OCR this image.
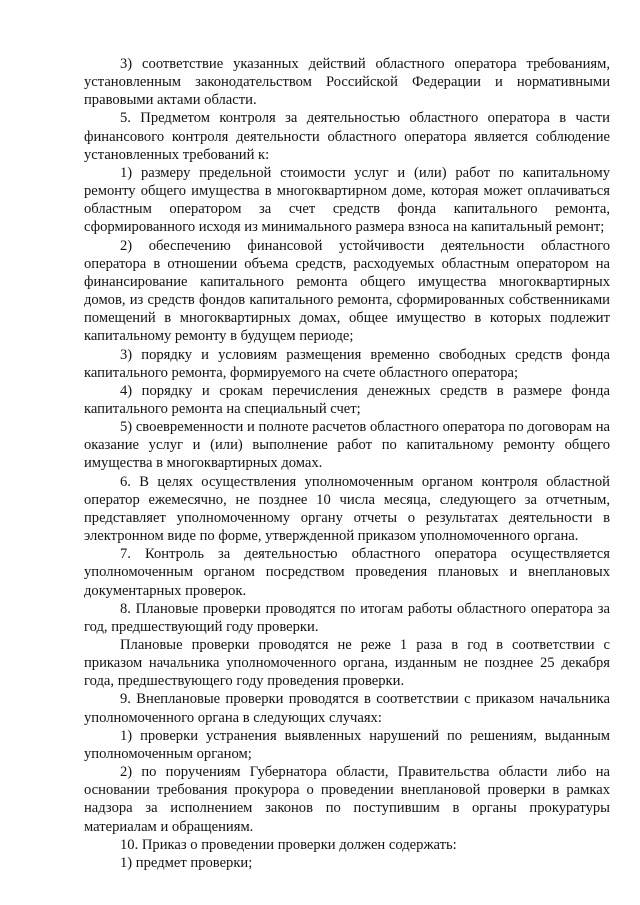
3) соответствие указанных действий областного оператора требованиям, установленным законодательством Российской Федерации и нормативными правовыми актами области.

5. Предметом контроля за деятельностью областного оператора в части финансового контроля деятельности областного оператора является соблюдение установленных требований к:

1) размеру предельной стоимости услуг и (или) работ по капитальному ремонту общего имущества в многоквартирном доме, которая может оплачиваться областным оператором за счет средств фонда капитального ремонта, сформированного исходя из минимального размера взноса на капитальный ремонт;

2) обеспечению финансовой устойчивости деятельности областного оператора в отношении объема средств, расходуемых областным оператором на финансирование капитального ремонта общего имущества многоквартирных домов, из средств фондов капитального ремонта, сформированных собственниками помещений в многоквартирных домах, общее имущество в которых подлежит капитальному ремонту в будущем периоде;

3) порядку и условиям размещения временно свободных средств фонда капитального ремонта, формируемого на счете областного оператора;

4) порядку и срокам перечисления денежных средств в размере фонда капитального ремонта на специальный счет;

5) своевременности и полноте расчетов областного оператора по договорам на оказание услуг и (или) выполнение работ по капитальному ремонту общего имущества в многоквартирных домах.

6. В целях осуществления уполномоченным органом контроля областной оператор ежемесячно, не позднее 10 числа месяца, следующего за отчетным, представляет уполномоченному органу отчеты о результатах деятельности в электронном виде по форме, утвержденной приказом уполномоченного органа.

7. Контроль за деятельностью областного оператора осуществляется уполномоченным органом посредством проведения плановых и внеплановых документарных проверок.

8. Плановые проверки проводятся по итогам работы областного оператора за год, предшествующий году проверки.

Плановые проверки проводятся не реже 1 раза в год в соответствии с приказом начальника уполномоченного органа, изданным не позднее 25 декабря года, предшествующего году проведения проверки.

9. Внеплановые проверки проводятся в соответствии с приказом начальника уполномоченного органа в следующих случаях:

1) проверки устранения выявленных нарушений по решениям, выданным уполномоченным органом;

2) по поручениям Губернатора области, Правительства области либо на основании требования прокурора о проведении внеплановой проверки в рамках надзора за исполнением законов по поступившим в органы прокуратуры материалам и обращениям.

10. Приказ о проведении проверки должен содержать:

1) предмет проверки;
